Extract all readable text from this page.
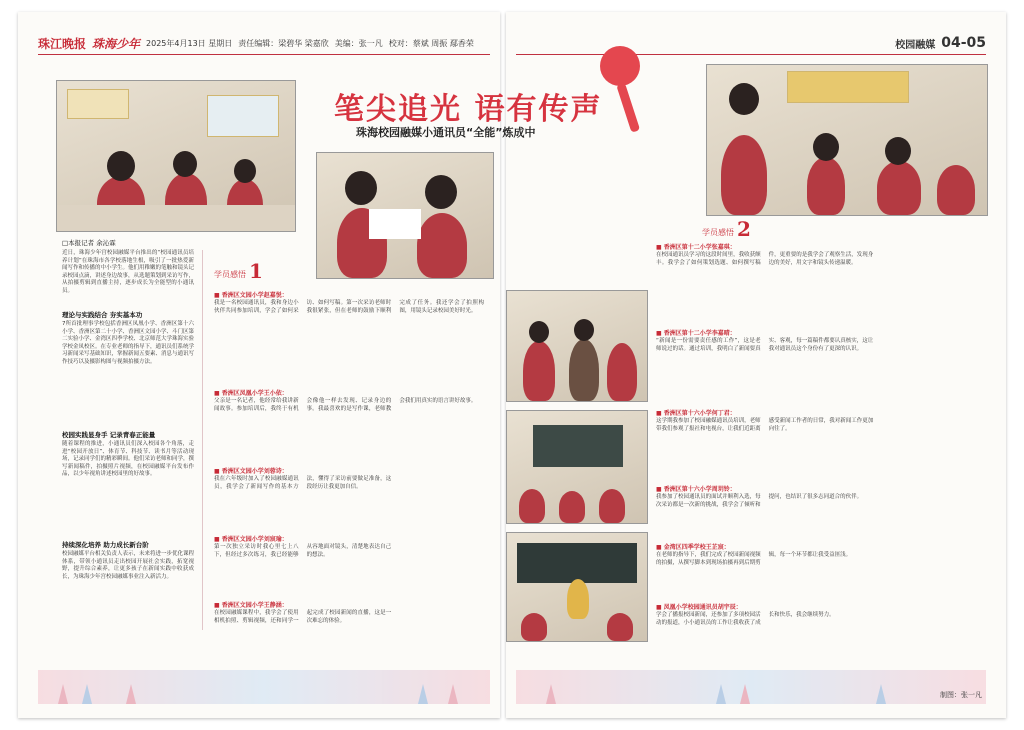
珠江晚报 珠海少年 2025年4月13日 星期日 责任编辑：梁碧华 梁嘉欣 美编：张一凡 校对：蔡斌 周振 鄢香荣
□本报记者 余沁霖
近日，珠海少年宫校园融媒平台推出的“校园通讯员培养计划”在珠海市各学校落地生根，吸引了一批热爱新闻写作和传播的中小学生。他们用稚嫩的笔触和镜头记录校园点滴，讲述身边故事，从选题策划到采访写作，从拍摄剪辑到直播主持，逐步成长为全能型的小通讯员。
理论与实践结合 夯实基本功
7所首批理事学校包括香洲区凤凰小学、香洲区第十六小学、香洲区第二十小学、香洲区文园小学、斗门区第二实验小学、金湾区四季学校、北京师范大学珠海实验学校金凤校区。在专业老师的指导下，通讯员们系统学习新闻采写基础知识，掌握新闻五要素、消息与通讯写作技巧以及摄影构图与视频拍摄方法。
校园实践显身手 记录青春正能量
随着课程的推进，小通讯员们深入校园各个角落，走进“校园开放日”、体育节、科技节、读书月等活动现场，记录同学们的精彩瞬间。他们采访老师和同学，撰写新闻稿件，拍摄照片视频，在校园融媒平台发布作品，以少年视角讲述校园里的好故事。
持续深化培养 助力成长新台阶
校园融媒平台相关负责人表示，未来将进一步优化课程体系，带领小通讯员走出校园开展社会实践，拓宽视野，提升综合素养，让更多孩子在新闻实践中收获成长，为珠海少年宫校园融媒事业注入新活力。
学员感悟 1
■ 香洲区文园小学赵嘉悦：
我是一名校园通讯员，我和身边小伙伴共同参加培训，学会了如何采访、如何写稿。第一次采访老师时我很紧张，但在老师的鼓励下顺利完成了任务。我还学会了拍照构图，用镜头记录校园美好时光。
■ 香洲区凤凰小学王小依：
父亲是一名记者，他经常给我讲新闻故事。参加培训后，我终于有机会像他一样去发现、记录身边的事。我最喜欢的是写作课，老师教会我们用真实的语言讲好故事。
■ 香洲区文园小学刘蓉诗：
我在六年级时加入了校园融媒通讯员，我学会了新闻写作的基本方法，懂得了采访前要做足准备，这段经历让我更加自信。
■ 香洲区文园小学刘宸瑜：
第一次独立采访时我心里七上八下，但经过多次练习，我已经能够从容地面对镜头，清楚地表达自己的想法。
■ 香洲区文园小学王静涵：
在校园融媒课程中，我学会了使用相机拍照、剪辑视频，还和同学一起完成了校园新闻的直播，这是一次难忘的体验。
校园融媒 04-05
笔尖追光 语有传声
珠海校园融媒小通讯员“全能”炼成中
学员感悟 2
■ 香洲区第十二小学张嘉琪：
在校园通讯员学习的这段时间里，我收获颇丰。我学会了如何策划选题、如何撰写稿件，更重要的是我学会了观察生活，发现身边的美好，用文字和镜头传递温暖。
■ 香洲区第十二小学李嘉晴：
“新闻是一份需要责任感的工作”，这是老师说过的话。通过培训，我明白了新闻要真实、客观，每一篇稿件都要认真核实，这让我对通讯员这个身份有了更深的认识。
■ 香洲区第十六小学何丁君：
这学期我参加了校园融媒通讯员培训，老师带我们参观了报社和电视台，让我们近距离感受新闻工作者的日常，我对新闻工作更加向往了。
■ 香洲区第十六小学周玥铃：
我参加了校园通讯员的面试并顺利入选，每次采访都是一次新的挑战，我学会了倾听和提问，也结识了很多志同道合的伙伴。
■ 金湾区四季学校王芷宸：
在老师的指导下，我们完成了校园新闻视频的拍摄，从撰写脚本到现场拍摄再到后期剪辑，每一个环节都让我受益匪浅。
■ 凤凰小学校园通讯员胡宇辰：
学会了播报校园新闻，还参加了多项校园活动的报道，小小通讯员的工作让我收获了成长和快乐，我会继续努力。
制图：张一凡
